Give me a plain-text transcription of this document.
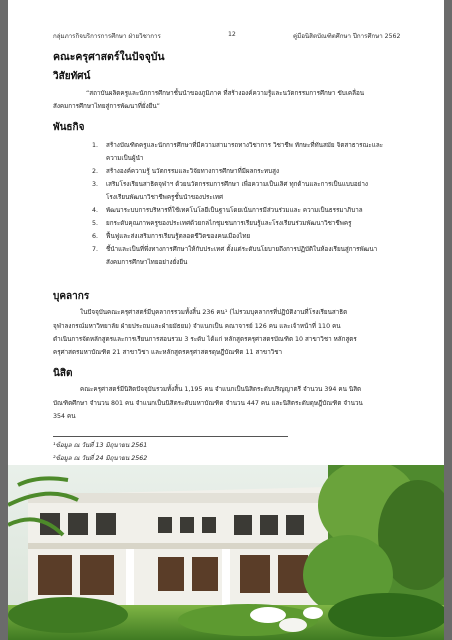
กลุ่มภารกิจบริการการศึกษา ฝ่ายวิชาการ	12	คู่มือนิสิตบัณฑิตศึกษา ปีการศึกษา 2562
คณะครุศาสตร์ในปัจจุบัน
วิสัยทัศน์
“สถาบันผลิตครูและนักการศึกษาชั้นนำของภูมิภาค ที่สร้างองค์ความรู้และนวัตกรรมการศึกษา ขับเคลื่อน
สังคมการศึกษาไทยสู่การพัฒนาที่ยั่งยืน”
พันธกิจ
1. สร้างบัณฑิตครูและนักการศึกษาที่มีความสามารถทางวิชาการ วิชาชีพ ทักษะที่ทันสมัย จิตสาธารณะและ
ความเป็นผู้นำ
2. สร้างองค์ความรู้ นวัตกรรมและวิจัยทางการศึกษาที่มีผลกระทบสูง
3. เสริมโรงเรียนสาธิตจุฬาฯ ด้วยนวัตกรรมการศึกษา เพื่อความเป็นเลิศ ทุกด้านและการเป็นแบบอย่าง
โรงเรียนพัฒนาวิชาชีพครูชั้นนำของประเทศ
4. พัฒนาระบบการบริหารที่ใช้เทคโนโลยีเป็นฐานโดยเน้นการมีส่วนร่วมและ ความเป็นธรรมาภิบาล
5. ยกระดับคุณภาพครูของประเทศด้วยกลไกชุมชนการเรียนรู้และโรงเรียนร่วมพัฒนาวิชาชีพครู
6. ฟื้นฟูและส่งเสริมการเรียนรู้ตลอดชีวิตของคนเมืองไทย
7. ชี้นำและเป็นที่พึ่งทางการศึกษาให้กับประเทศ ตั้งแต่ระดับนโยบายถึงการปฏิบัติในห้องเรียนสู่การพัฒนา
สังคมการศึกษาไทยอย่างยั่งยืน
บุคลากร
ในปัจจุบันคณะครุศาสตร์มีบุคลากรรวมทั้งสิ้น 236 คน¹ (ไม่รวมบุคลากรที่ปฏิบัติงานที่โรงเรียนสาธิต
จุฬาลงกรณ์มหาวิทยาลัย ฝ่ายประถมและฝ่ายมัธยม) จำแนกเป็น คณาจารย์ 126 คน และเจ้าหน้าที่ 110 คน
ดำเนินการจัดหลักสูตรและการเรียนการสอนรวม 3 ระดับ ได้แก่ หลักสูตรครุศาสตรบัณฑิต 10 สาขาวิชา หลักสูตร
ครุศาสตรมหาบัณฑิต 21 สาขาวิชา และหลักสูตรครุศาสตรดุษฎีบัณฑิต 11 สาขาวิชา
นิสิต
คณะครุศาสตร์มีนิสิตปัจจุบันรวมทั้งสิ้น 1,195 คน จำแนกเป็นนิสิตระดับปริญญาตรี จำนวน 394 คน นิสิต
บัณฑิตศึกษา จำนวน 801 คน จำแนกเป็นนิสิตระดับมหาบัณฑิต จำนวน 447 คน และนิสิตระดับดุษฎีบัณฑิต จำนวน
354 คน
¹ข้อมูล ณ วันที่ 13 มิถุนายน 2561
²ข้อมูล ณ วันที่ 24 มิถุนายน 2562
